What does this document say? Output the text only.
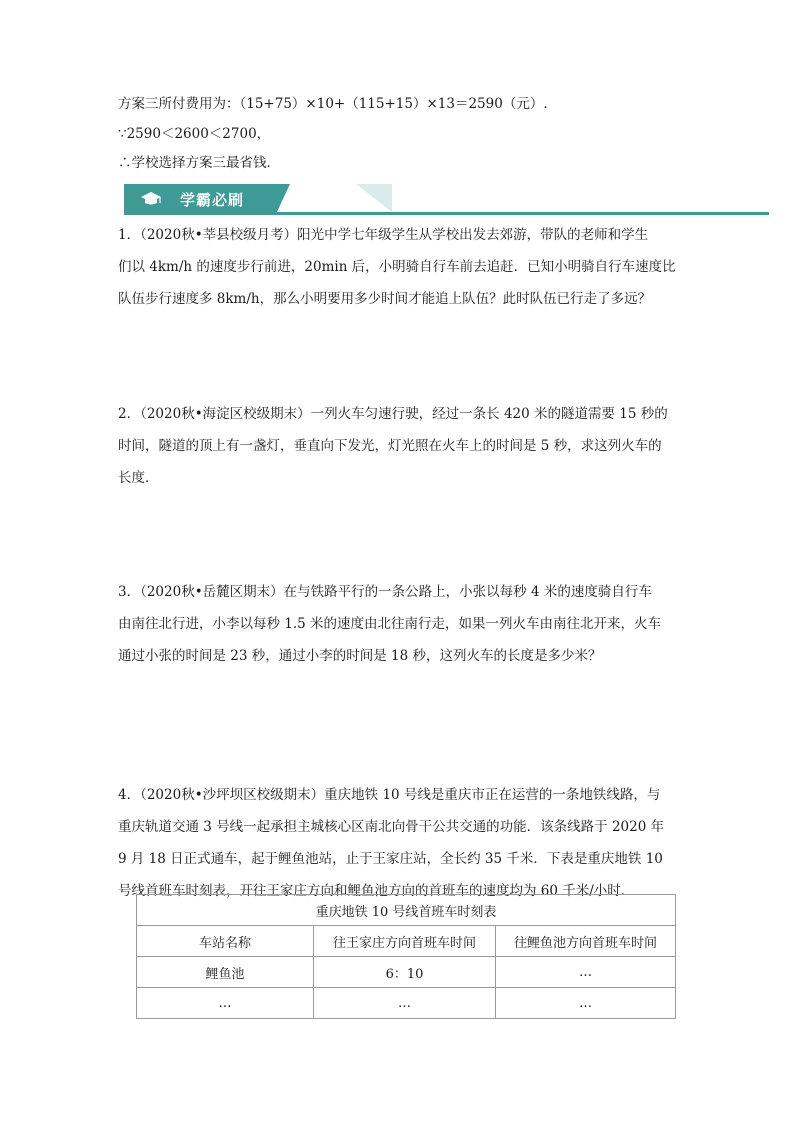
方案三所付费用为：（15+75）×10+（115+15）×13＝2590（元）.
∵2590＜2600＜2700，
∴学校选择方案三最省钱．
学霸必刷
1．（2020秋•莘县校级月考）阳光中学七年级学生从学校出发去郊游，带队的老师和学生
们以 4km/h 的速度步行前进，20min 后，小明骑自行车前去追赶．已知小明骑自行车速度比
队伍步行速度多 8km/h，那么小明要用多少时间才能追上队伍？此时队伍已行走了多远？
2．（2020秋•海淀区校级期末）一列火车匀速行驶，经过一条长 420 米的隧道需要 15 秒的
时间，隧道的顶上有一盏灯，垂直向下发光，灯光照在火车上的时间是 5 秒，求这列火车的
长度．
3．（2020秋•岳麓区期末）在与铁路平行的一条公路上，小张以每秒 4 米的速度骑自行车
由南往北行进，小李以每秒 1.5 米的速度由北往南行走，如果一列火车由南往北开来，火车
通过小张的时间是 23 秒，通过小李的时间是 18 秒，这列火车的长度是多少米？
4．（2020秋•沙坪坝区校级期末）重庆地铁 10 号线是重庆市正在运营的一条地铁线路，与
重庆轨道交通 3 号线一起承担主城核心区南北向骨干公共交通的功能．该条线路于 2020 年
9 月 18 日正式通车，起于鲤鱼池站，止于王家庄站，全长约 35 千米．下表是重庆地铁 10
号线首班车时刻表，开往王家庄方向和鲤鱼池方向的首班车的速度均为 60 千米/小时．
重庆地铁 10 号线首班车时刻表		
车站名称	往王家庄方向首班车时间	往鲤鱼池方向首班车时间
鲤鱼池	6：10	…
…	…	…
